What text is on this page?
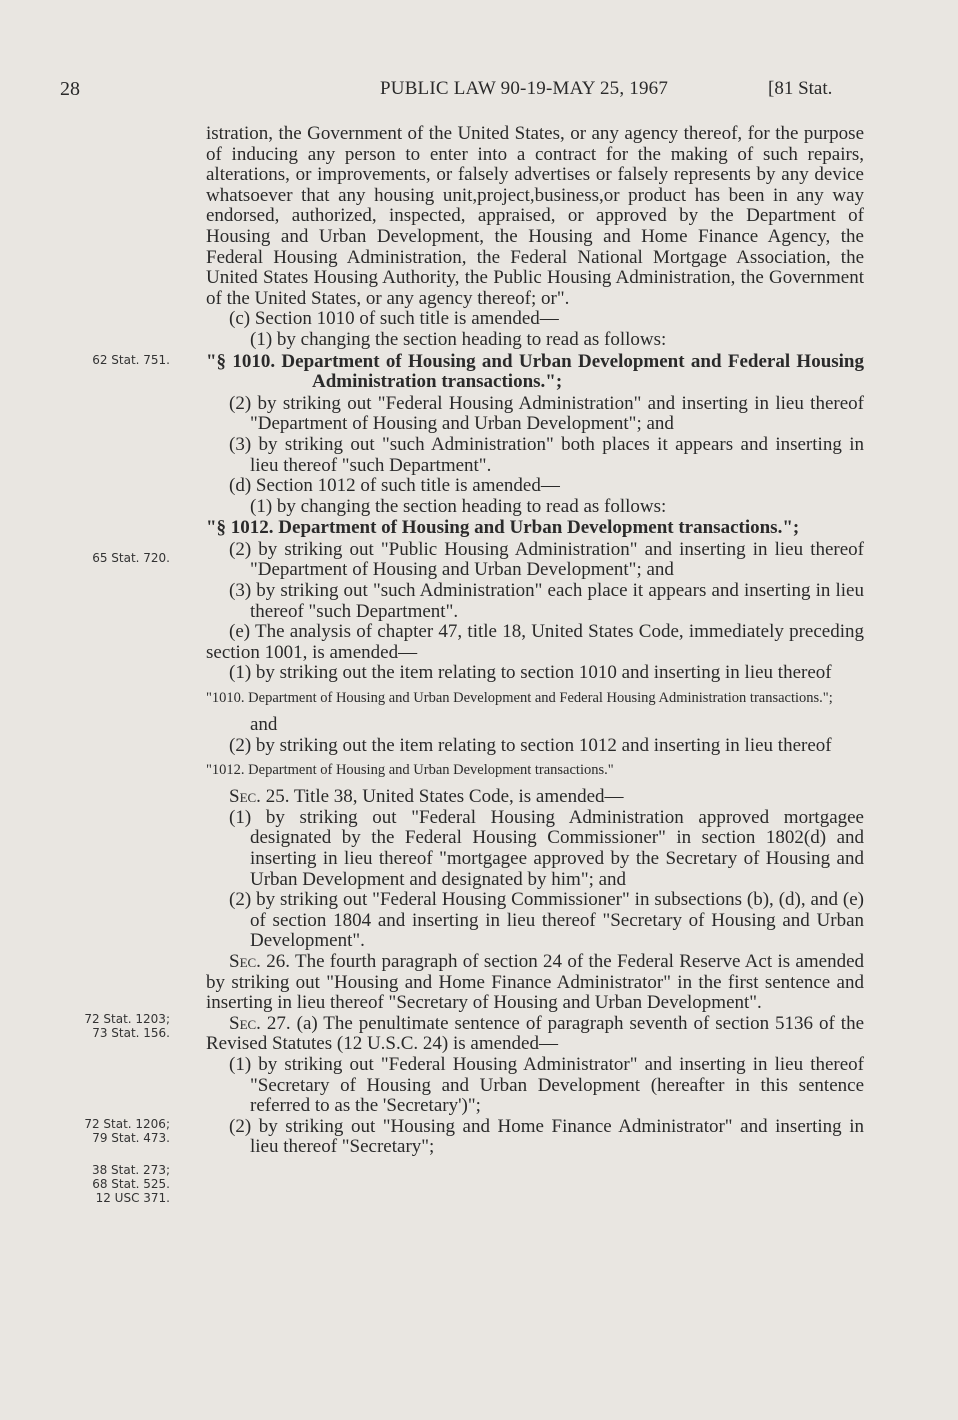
28	PUBLIC LAW 90-19-MAY 25, 1967	[81 Stat.
62 Stat. 751.
65 Stat. 720.
72 Stat. 1203;
73 Stat. 156.
72 Stat. 1206;
79 Stat. 473.
38 Stat. 273;
68 Stat. 525.
12 USC 371.

istration, the Government of the United States, or any agency thereof, for the purpose of inducing any person to enter into a contract for the making of such repairs, alterations, or improvements, or falsely advertises or falsely represents by any device whatsoever that any housing unit,project,business,or product has been in any way endorsed, authorized, inspected, appraised, or approved by the Department of Housing and Urban Development, the Housing and Home Finance Agency, the Federal Housing Administration, the Federal National Mortgage Association, the United States Housing Authority, the Public Housing Administration, the Government of the United States, or any agency thereof; or".

(c) Section 1010 of such title is amended—

(1) by changing the section heading to read as follows:

"§ 1010. Department of Housing and Urban Development and Federal Housing Administration transactions.";

(2) by striking out "Federal Housing Administration" and inserting in lieu thereof "Department of Housing and Urban Development"; and

(3) by striking out "such Administration" both places it appears and inserting in lieu thereof "such Department".

(d) Section 1012 of such title is amended—

(1) by changing the section heading to read as follows:

"§ 1012. Department of Housing and Urban Development transactions.";

(2) by striking out "Public Housing Administration" and inserting in lieu thereof "Department of Housing and Urban Development"; and

(3) by striking out "such Administration" each place it appears and inserting in lieu thereof "such Department".

(e) The analysis of chapter 47, title 18, United States Code, immediately preceding section 1001, is amended—

(1) by striking out the item relating to section 1010 and inserting in lieu thereof

"1010. Department of Housing and Urban Development and Federal Housing Administration transactions.";

and

(2) by striking out the item relating to section 1012 and inserting in lieu thereof

"1012. Department of Housing and Urban Development transactions."

Sec. 25. Title 38, United States Code, is amended—

(1) by striking out "Federal Housing Administration approved mortgagee designated by the Federal Housing Commissioner" in section 1802(d) and inserting in lieu thereof "mortgagee approved by the Secretary of Housing and Urban Development and designated by him"; and

(2) by striking out "Federal Housing Commissioner" in subsections (b), (d), and (e) of section 1804 and inserting in lieu thereof "Secretary of Housing and Urban Development".

Sec. 26. The fourth paragraph of section 24 of the Federal Reserve Act is amended by striking out "Housing and Home Finance Administrator" in the first sentence and inserting in lieu thereof "Secretary of Housing and Urban Development".

Sec. 27. (a) The penultimate sentence of paragraph seventh of section 5136 of the Revised Statutes (12 U.S.C. 24) is amended—

(1) by striking out "Federal Housing Administrator" and inserting in lieu thereof "Secretary of Housing and Urban Development (hereafter in this sentence referred to as the 'Secretary')";

(2) by striking out "Housing and Home Finance Administrator" and inserting in lieu thereof "Secretary";
